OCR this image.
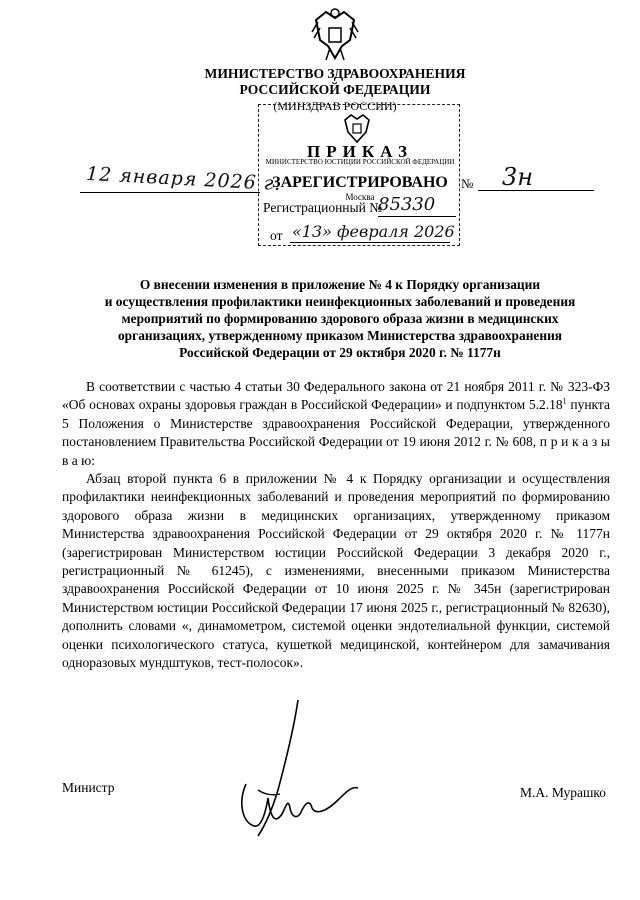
МИНИСТЕРСТВО ЗДРАВООХРАНЕНИЯ
РОССИЙСКОЙ ФЕДЕРАЦИИ
(МИНЗДРАВ РОССИИ)
12 января 2026 г.	№ 3н
ПРИКАЗ
МИНИСТЕРСТВО ЮСТИЦИИ РОССИЙСКОЙ ФЕДЕРАЦИИ
ЗАРЕГИСТРИРОВАНО
Москва
Регистрационный №
85330
от «13» февраля 2026
О внесении изменения в приложение № 4 к Порядку организации
и осуществления профилактики неинфекционных заболеваний и проведения
мероприятий по формированию здорового образа жизни в медицинских
организациях, утвержденному приказом Министерства здравоохранения
Российской Федерации от 29 октября 2020 г. № 1177н

В соответствии с частью 4 статьи 30 Федерального закона от 21 ноября 2011 г. № 323-ФЗ «Об основах охраны здоровья граждан в Российской Федерации» и подпунктом 5.2.18$^1$ пункта 5 Положения о Министерстве здравоохранения Российской Федерации, утвержденного постановлением Правительства Российской Федерации от 19 июня 2012 г. № 608, п р и к а з ы в а ю:

Абзац второй пункта 6 в приложении № 4 к Порядку организации и осуществления профилактики неинфекционных заболеваний и проведения мероприятий по формированию здорового образа жизни в медицинских организациях, утвержденному приказом Министерства здравоохранения Российской Федерации от 29 октября 2020 г. № 1177н (зарегистрирован Министерством юстиции Российской Федерации 3 декабря 2020 г., регистрационный № 61245), с изменениями, внесенными приказом Министерства здравоохранения Российской Федерации от 10 июня 2025 г. № 345н (зарегистрирован Министерством юстиции Российской Федерации 17 июня 2025 г., регистрационный № 82630), дополнить словами «, динамометром, системой оценки эндотелиальной функции, системой оценки психологического статуса, кушеткой медицинской, контейнером для замачивания одноразовых мундштуков, тест-полосок».

Министр	М.А. Мурашко
